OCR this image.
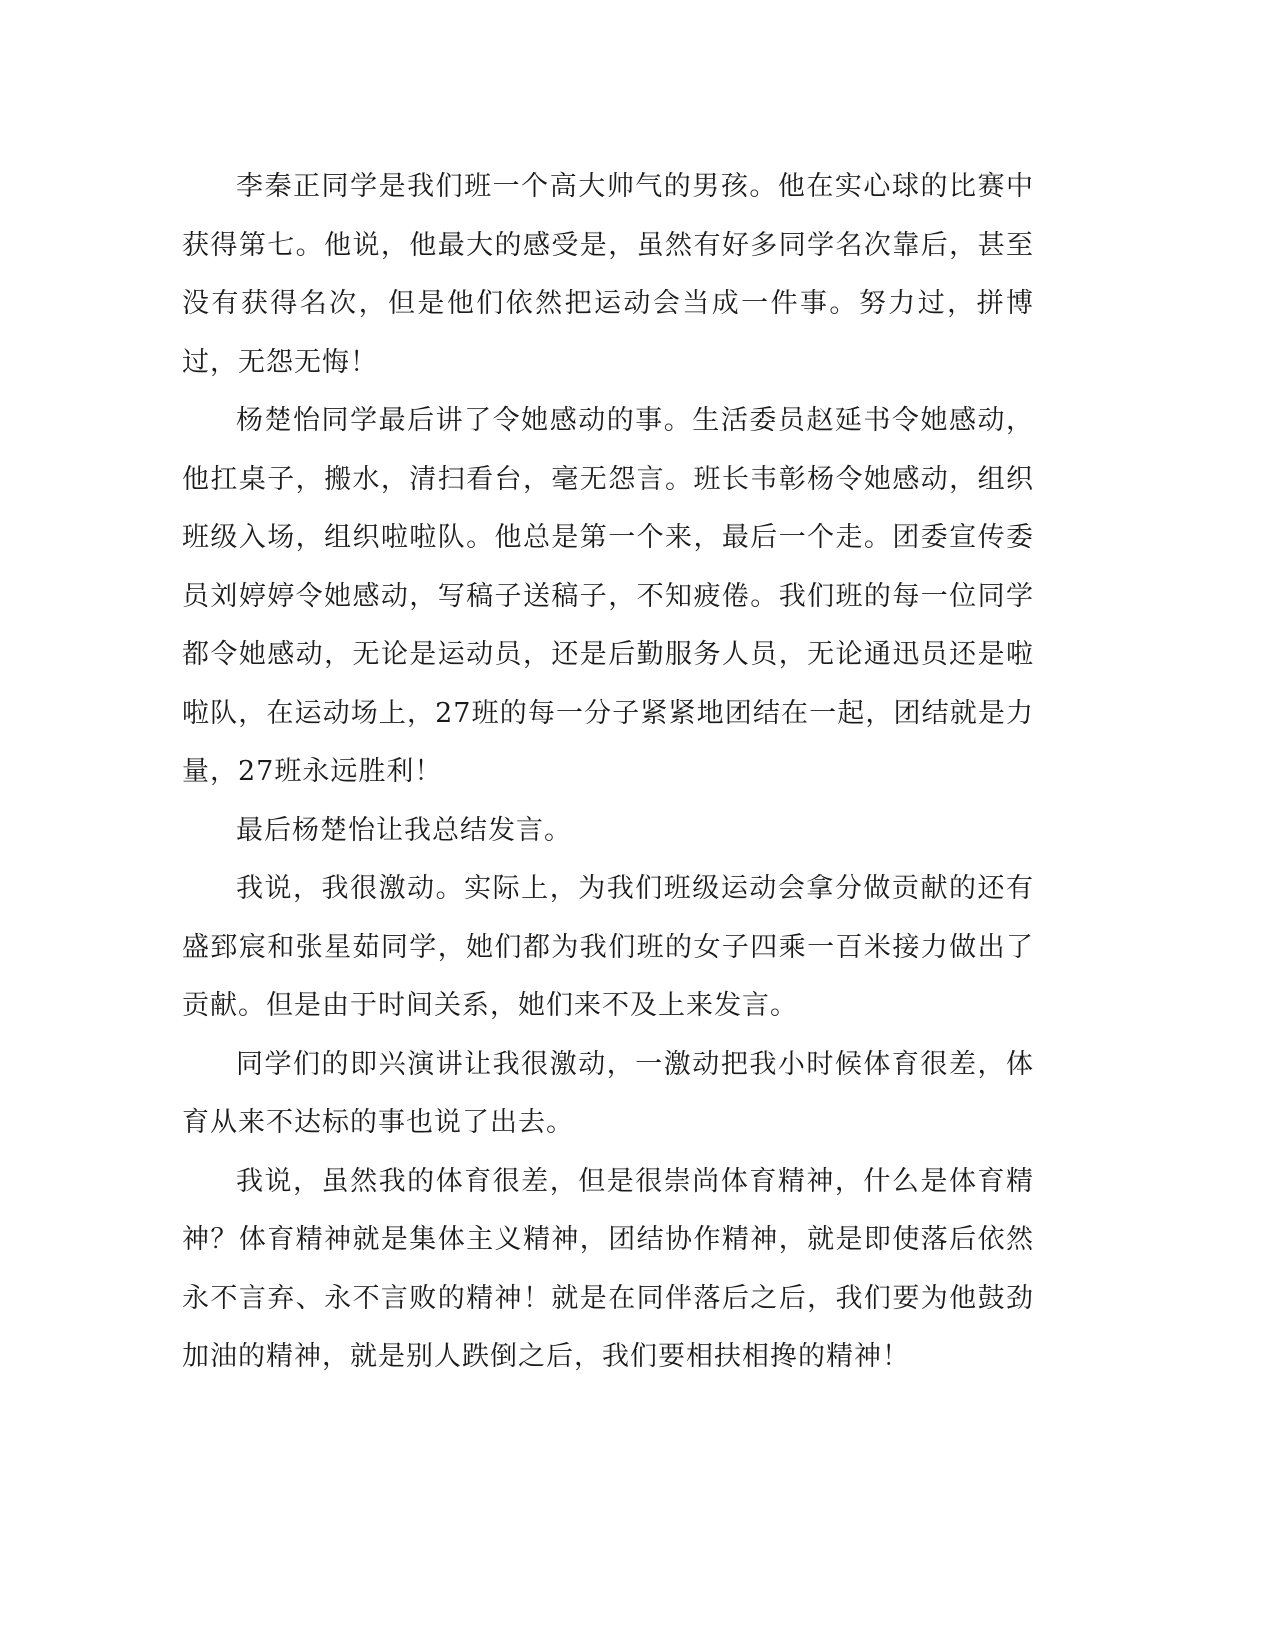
李秦正同学是我们班一个高大帅气的男孩。他在实心球的比赛中获得第七。他说，他最大的感受是，虽然有好多同学名次靠后，甚至没有获得名次，但是他们依然把运动会当成一件事。努力过，拼博过，无怨无悔！

杨楚怡同学最后讲了令她感动的事。生活委员赵延书令她感动，他扛桌子，搬水，清扫看台，毫无怨言。班长韦彰杨令她感动，组织班级入场，组织啦啦队。他总是第一个来，最后一个走。团委宣传委员刘婷婷令她感动，写稿子送稿子，不知疲倦。我们班的每一位同学都令她感动，无论是运动员，还是后勤服务人员，无论通迅员还是啦啦队，在运动场上，27班的每一分子紧紧地团结在一起，团结就是力量，27班永远胜利！

最后杨楚怡让我总结发言。

我说，我很激动。实际上，为我们班级运动会拿分做贡献的还有盛郅宸和张星茹同学，她们都为我们班的女子四乘一百米接力做出了贡献。但是由于时间关系，她们来不及上来发言。

同学们的即兴演讲让我很激动，一激动把我小时候体育很差，体育从来不达标的事也说了出去。

我说，虽然我的体育很差，但是很崇尚体育精神，什么是体育精神？体育精神就是集体主义精神，团结协作精神，就是即使落后依然永不言弃、永不言败的精神！就是在同伴落后之后，我们要为他鼓劲加油的精神，就是别人跌倒之后，我们要相扶相搀的精神！
